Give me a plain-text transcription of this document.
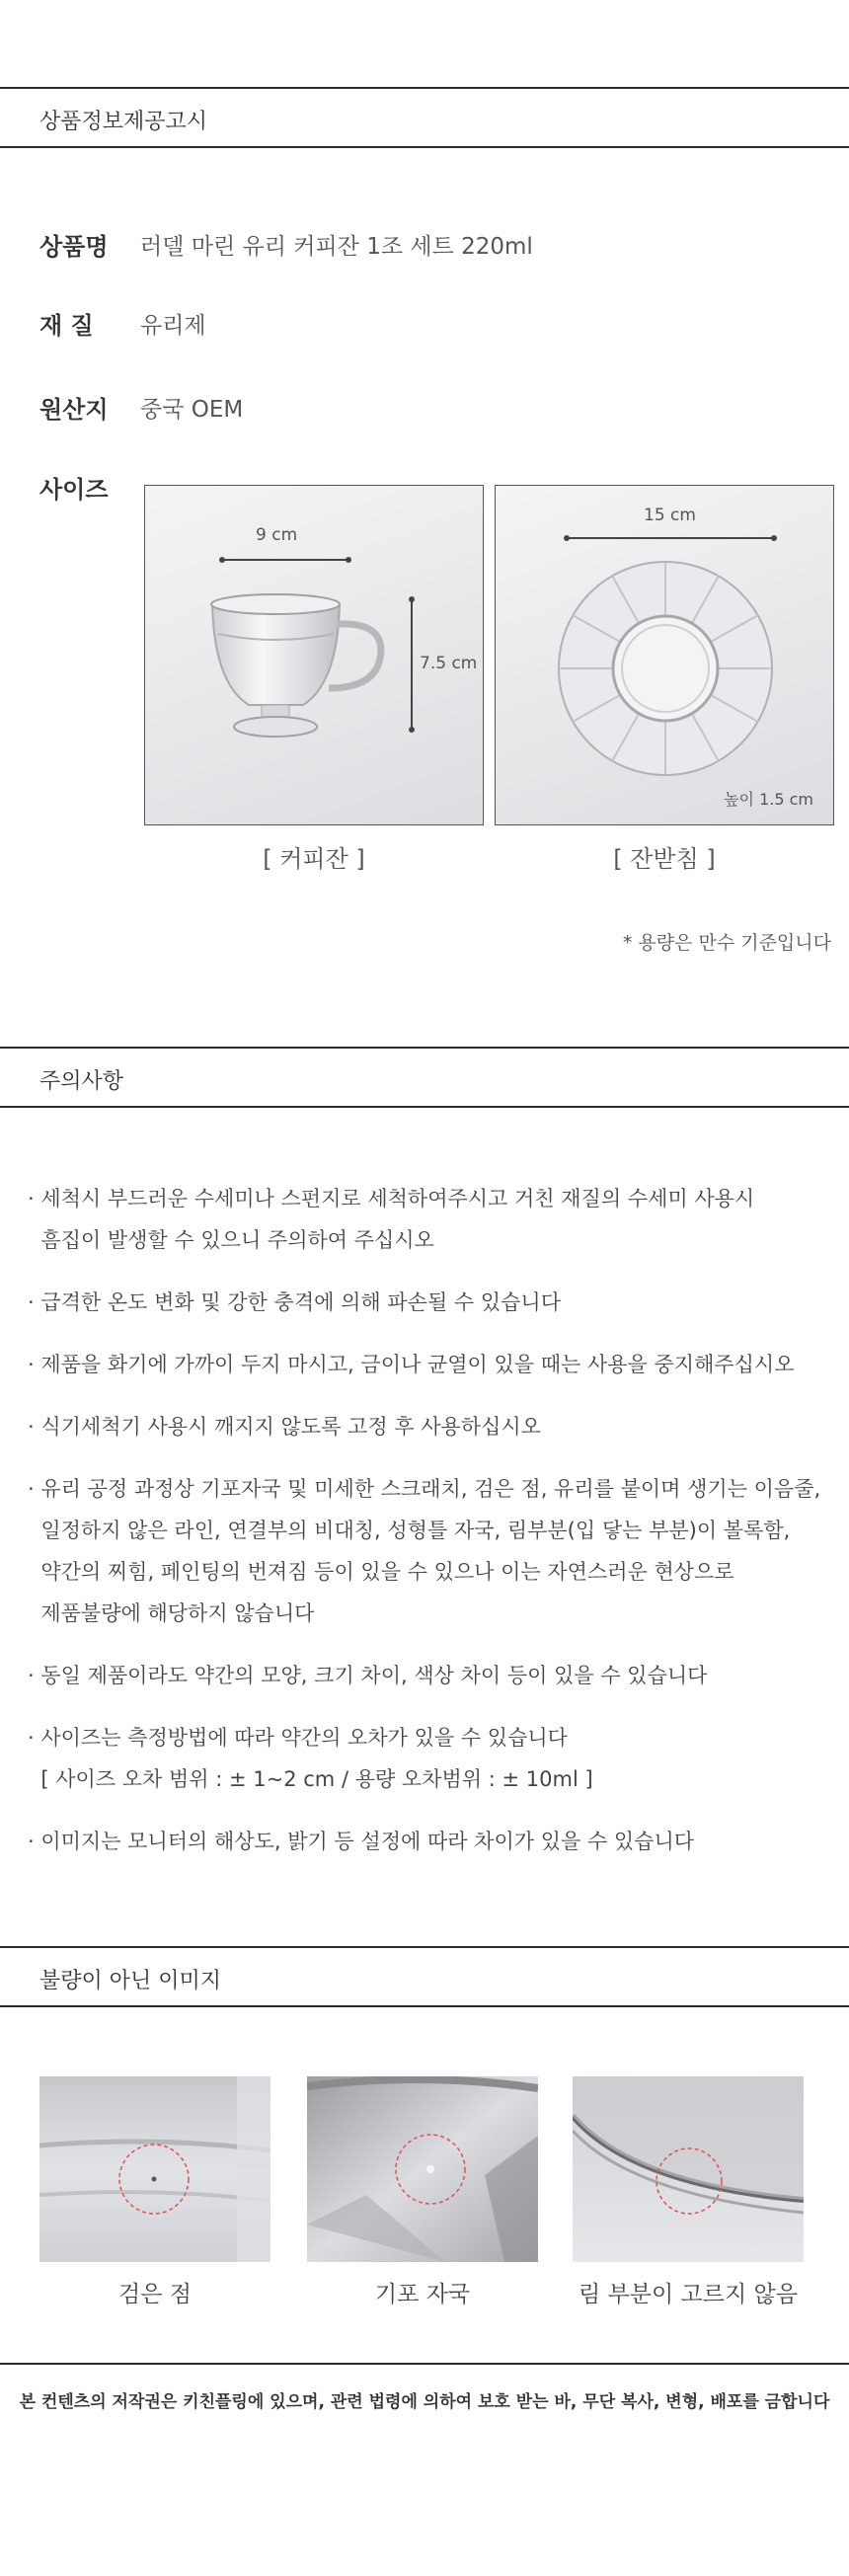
상품정보제공고시
상품명 러델 마린 유리 커피잔 1조 세트 220ml
재 질 유리제
원산지 중국 OEM
사이즈
9 cm
7.5 cm
[ 커피잔 ]
15 cm
높이 1.5 cm
[ 잔받침 ]
* 용량은 만수 기준입니다
주의사항
· 세척시 부드러운 수세미나 스펀지로 세척하여주시고 거친 재질의 수세미 사용시
흠집이 발생할 수 있으니 주의하여 주십시오
· 급격한 온도 변화 및 강한 충격에 의해 파손될 수 있습니다
· 제품을 화기에 가까이 두지 마시고, 금이나 균열이 있을 때는 사용을 중지해주십시오
· 식기세척기 사용시 깨지지 않도록 고정 후 사용하십시오
· 유리 공정 과정상 기포자국 및 미세한 스크래치, 검은 점, 유리를 붙이며 생기는 이음줄,
일정하지 않은 라인, 연결부의 비대칭, 성형틀 자국, 림부분(입 닿는 부분)이 볼록함,
약간의 찌힘, 페인팅의 번져짐 등이 있을 수 있으나 이는 자연스러운 현상으로
제품불량에 해당하지 않습니다
· 동일 제품이라도 약간의 모양, 크기 차이, 색상 차이 등이 있을 수 있습니다
· 사이즈는 측정방법에 따라 약간의 오차가 있을 수 있습니다
[ 사이즈 오차 범위 : ± 1~2 cm / 용량 오차범위 : ± 10ml ]
· 이미지는 모니터의 해상도, 밝기 등 설정에 따라 차이가 있을 수 있습니다
불량이 아닌 이미지
검은 점	기포 자국	림 부분이 고르지 않음
본 컨텐츠의 저작권은 키친플링에 있으며, 관련 법령에 의하여 보호 받는 바, 무단 복사, 변형, 배포를 금합니다
